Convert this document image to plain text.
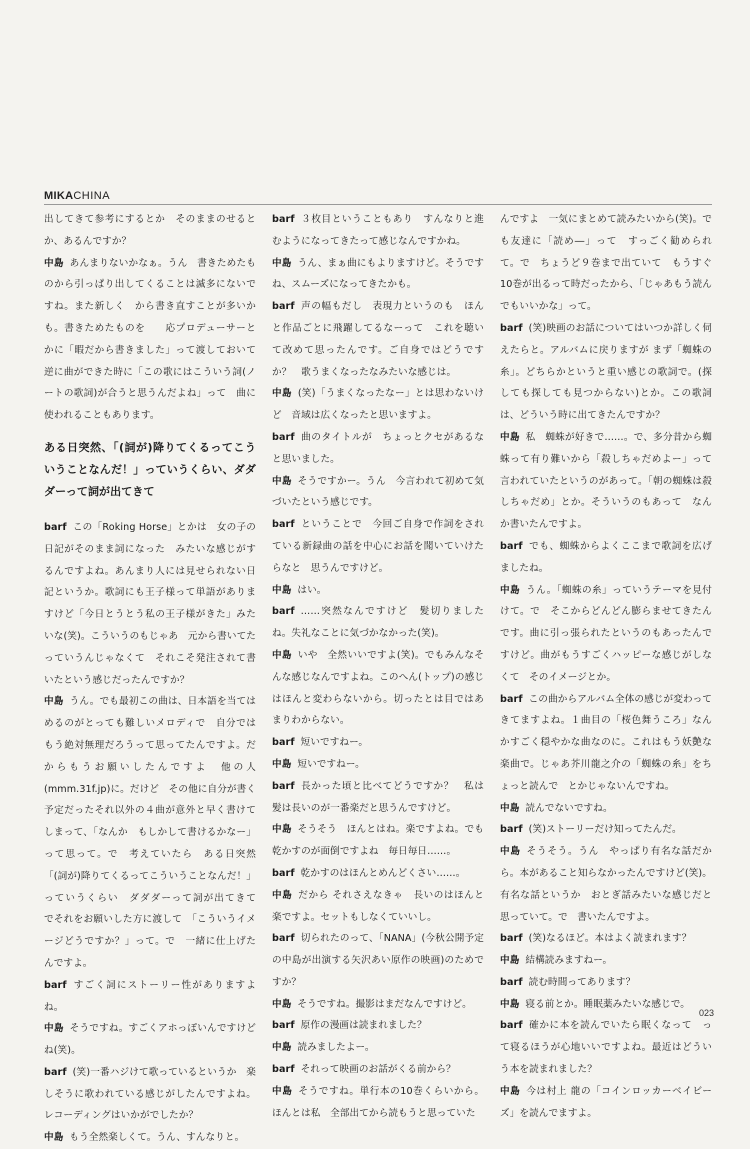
MIKACHINA

出してきて参考にするとか　そのままのせるとか、あるんですか？

中島 あんまりないかなぁ。うん　書きためたものから引っぱり出してくることは滅多にないですね。また新しく　から書き直すことが多いかも。書きためたものを　　応プロデューサーとかに「暇だから書きました」って渡しておいて逆に曲ができた時に「この歌にはこういう詞(ノートの歌詞)が合うと思うんだよね」って　曲に使われることもあります。

ある日突然、「(詞が)降りてくるってこういうことなんだ！」っていうくらい、ダダダーって詞が出てきて

barf この「Roking Horse」とかは　女の子の日記がそのまま詞になった　みたいな感じがするんですよね。あんまり人には見せられない日記というか。歌詞にも王子様って単語がありますけど「今日とうとう私の王子様がきた」みたいな(笑)。こういうのもじゃあ　元から書いてたっていうんじゃなくて　それこそ発注されて書いたという感じだったんですか？

中島 うん。でも最初この曲は、日本語を当てはめるのがとっても難しいメロディで　自分ではもう絶対無理だろうって思ってたんですよ。だからもうお願いしたんですよ　他の人(mmm.31f.jp)に。だけど　その他に自分が書く予定だったそれ以外の４曲が意外と早く書けてしまって、「なんか　もしかして書けるかなー」って思って。で　考えていたら　ある日突然　「(詞が)降りてくるってこういうことなんだ！」っていうくらい　ダダダーって詞が出てきて　でそれをお願いした方に渡して　「こういうイメージどうですか？」って。で　一緒に仕上げたんですよ。

barf すごく詞にストーリー性がありますよね。

中島 そうですね。すごくアホっぽいんですけどね(笑)。

barf (笑)一番ハジけて歌っているというか　楽しそうに歌われている感じがしたんですよね。レコーディングはいかがでしたか？

中島 もう全然楽しくて。うん、すんなりと。

barf ３枚目ということもあり　すんなりと進むようになってきたって感じなんですかね。

中島 うん、まぁ曲にもよりますけど。そうですね、スムーズになってきたかも。

barf 声の幅もだし　表現力というのも　ほんと作品ごとに飛躍してるなーって　これを聴いて改めて思ったんです。ご自身ではどうですか？　歌うまくなったなみたいな感じは。

中島 (笑)「うまくなったなー」とは思わないけど　音域は広くなったと思いますよ。

barf 曲のタイトルが　ちょっとクセがあるなと思いました。

中島 そうですかー。うん　今言われて初めて気づいたという感じです。

barf ということで　今回ご自身で作詞をされている新録曲の話を中心にお話を聞いていけたらなと　思うんですけど。

中島 はい。

barf ……突然なんですけど　髪切りましたね。失礼なことに気づかなかった(笑)。

中島 いや　全然いいですよ(笑)。でもみんなそんな感じなんですよね。このへん(トップ)の感じはほんと変わらないから。切ったとは目ではあまりわからない。

barf 短いですねー。

中島 短いですねー。

barf 長かった頃と比べてどうですか？　私は髪は長いのが一番楽だと思うんですけど。

中島 そうそう　ほんとはね。楽ですよね。でも　乾かすのが面倒ですよね　毎日毎日……。

barf 乾かすのはほんとめんどくさい……。

中島 だから それさえなきゃ　長いのはほんと楽ですよ。セットもしなくていいし。

barf 切られたのって、「NANA」(今秋公開予定の中島が出演する矢沢あい原作の映画)のためですか？

中島 そうですね。撮影はまだなんですけど。

barf 原作の漫画は読まれました？

中島 読みましたよー。

barf それって映画のお話がくる前から？

中島 そうですね。単行本の10巻くらいから。ほんとは私　全部出てから読もうと思っていた

んですよ　一気にまとめて読みたいから(笑)。でも友達に「読め―」って　すっごく勧められて。で　ちょうど９巻まで出ていて　もうすぐ10巻が出るって時だったから、「じゃあもう読んでもいいかな」って。

barf (笑)映画のお話についてはいつか詳しく伺えたらと。アルバムに戻りますが まず「蜘蛛の糸」。どちらかというと重い感じの歌詞で。(探しても探しても見つからない)とか。この歌詞は、どういう時に出てきたんですか？

中島 私　蜘蛛が好きで……。で、多分昔から蜘蛛って有り難いから「殺しちゃだめよー」って言われていたというのがあって。「朝の蜘蛛は殺しちゃだめ」とか。そういうのもあって　なんか書いたんですよ。

barf でも、蜘蛛からよくここまで歌詞を広げましたね。

中島 うん。「蜘蛛の糸」っていうテーマを見付けて。で　そこからどんどん膨らませてきたんです。曲に引っ張られたというのもあったんですけど。曲がもうすごくハッピーな感じがしなくて　そのイメージとか。

barf この曲からアルバム全体の感じが変わってきてますよね。１曲目の「桜色舞うころ」なんかすごく穏やかな曲なのに。これはもう妖艶な楽曲で。じゃあ芥川龍之介の「蜘蛛の糸」をちょっと読んで　とかじゃないんですね。

中島 読んでないですね。

barf (笑)ストーリーだけ知ってたんだ。

中島 そうそう。うん　やっぱり有名な話だから。本があること知らなかったんですけど(笑)。有名な話というか　おとぎ話みたいな感じだと思っていて。で　書いたんですよ。

barf (笑)なるほど。本はよく読まれます？

中島 結構読みますねー。

barf 読む時間ってあります？

中島 寝る前とか。睡眠薬みたいな感じで。

barf 確かに本を読んでいたら眠くなって　って寝るほうが心地いいですよね。最近はどういう本を読まれました？

中島 今は村上 龍の「コインロッカーベイビーズ」を読んでますよ。

023
